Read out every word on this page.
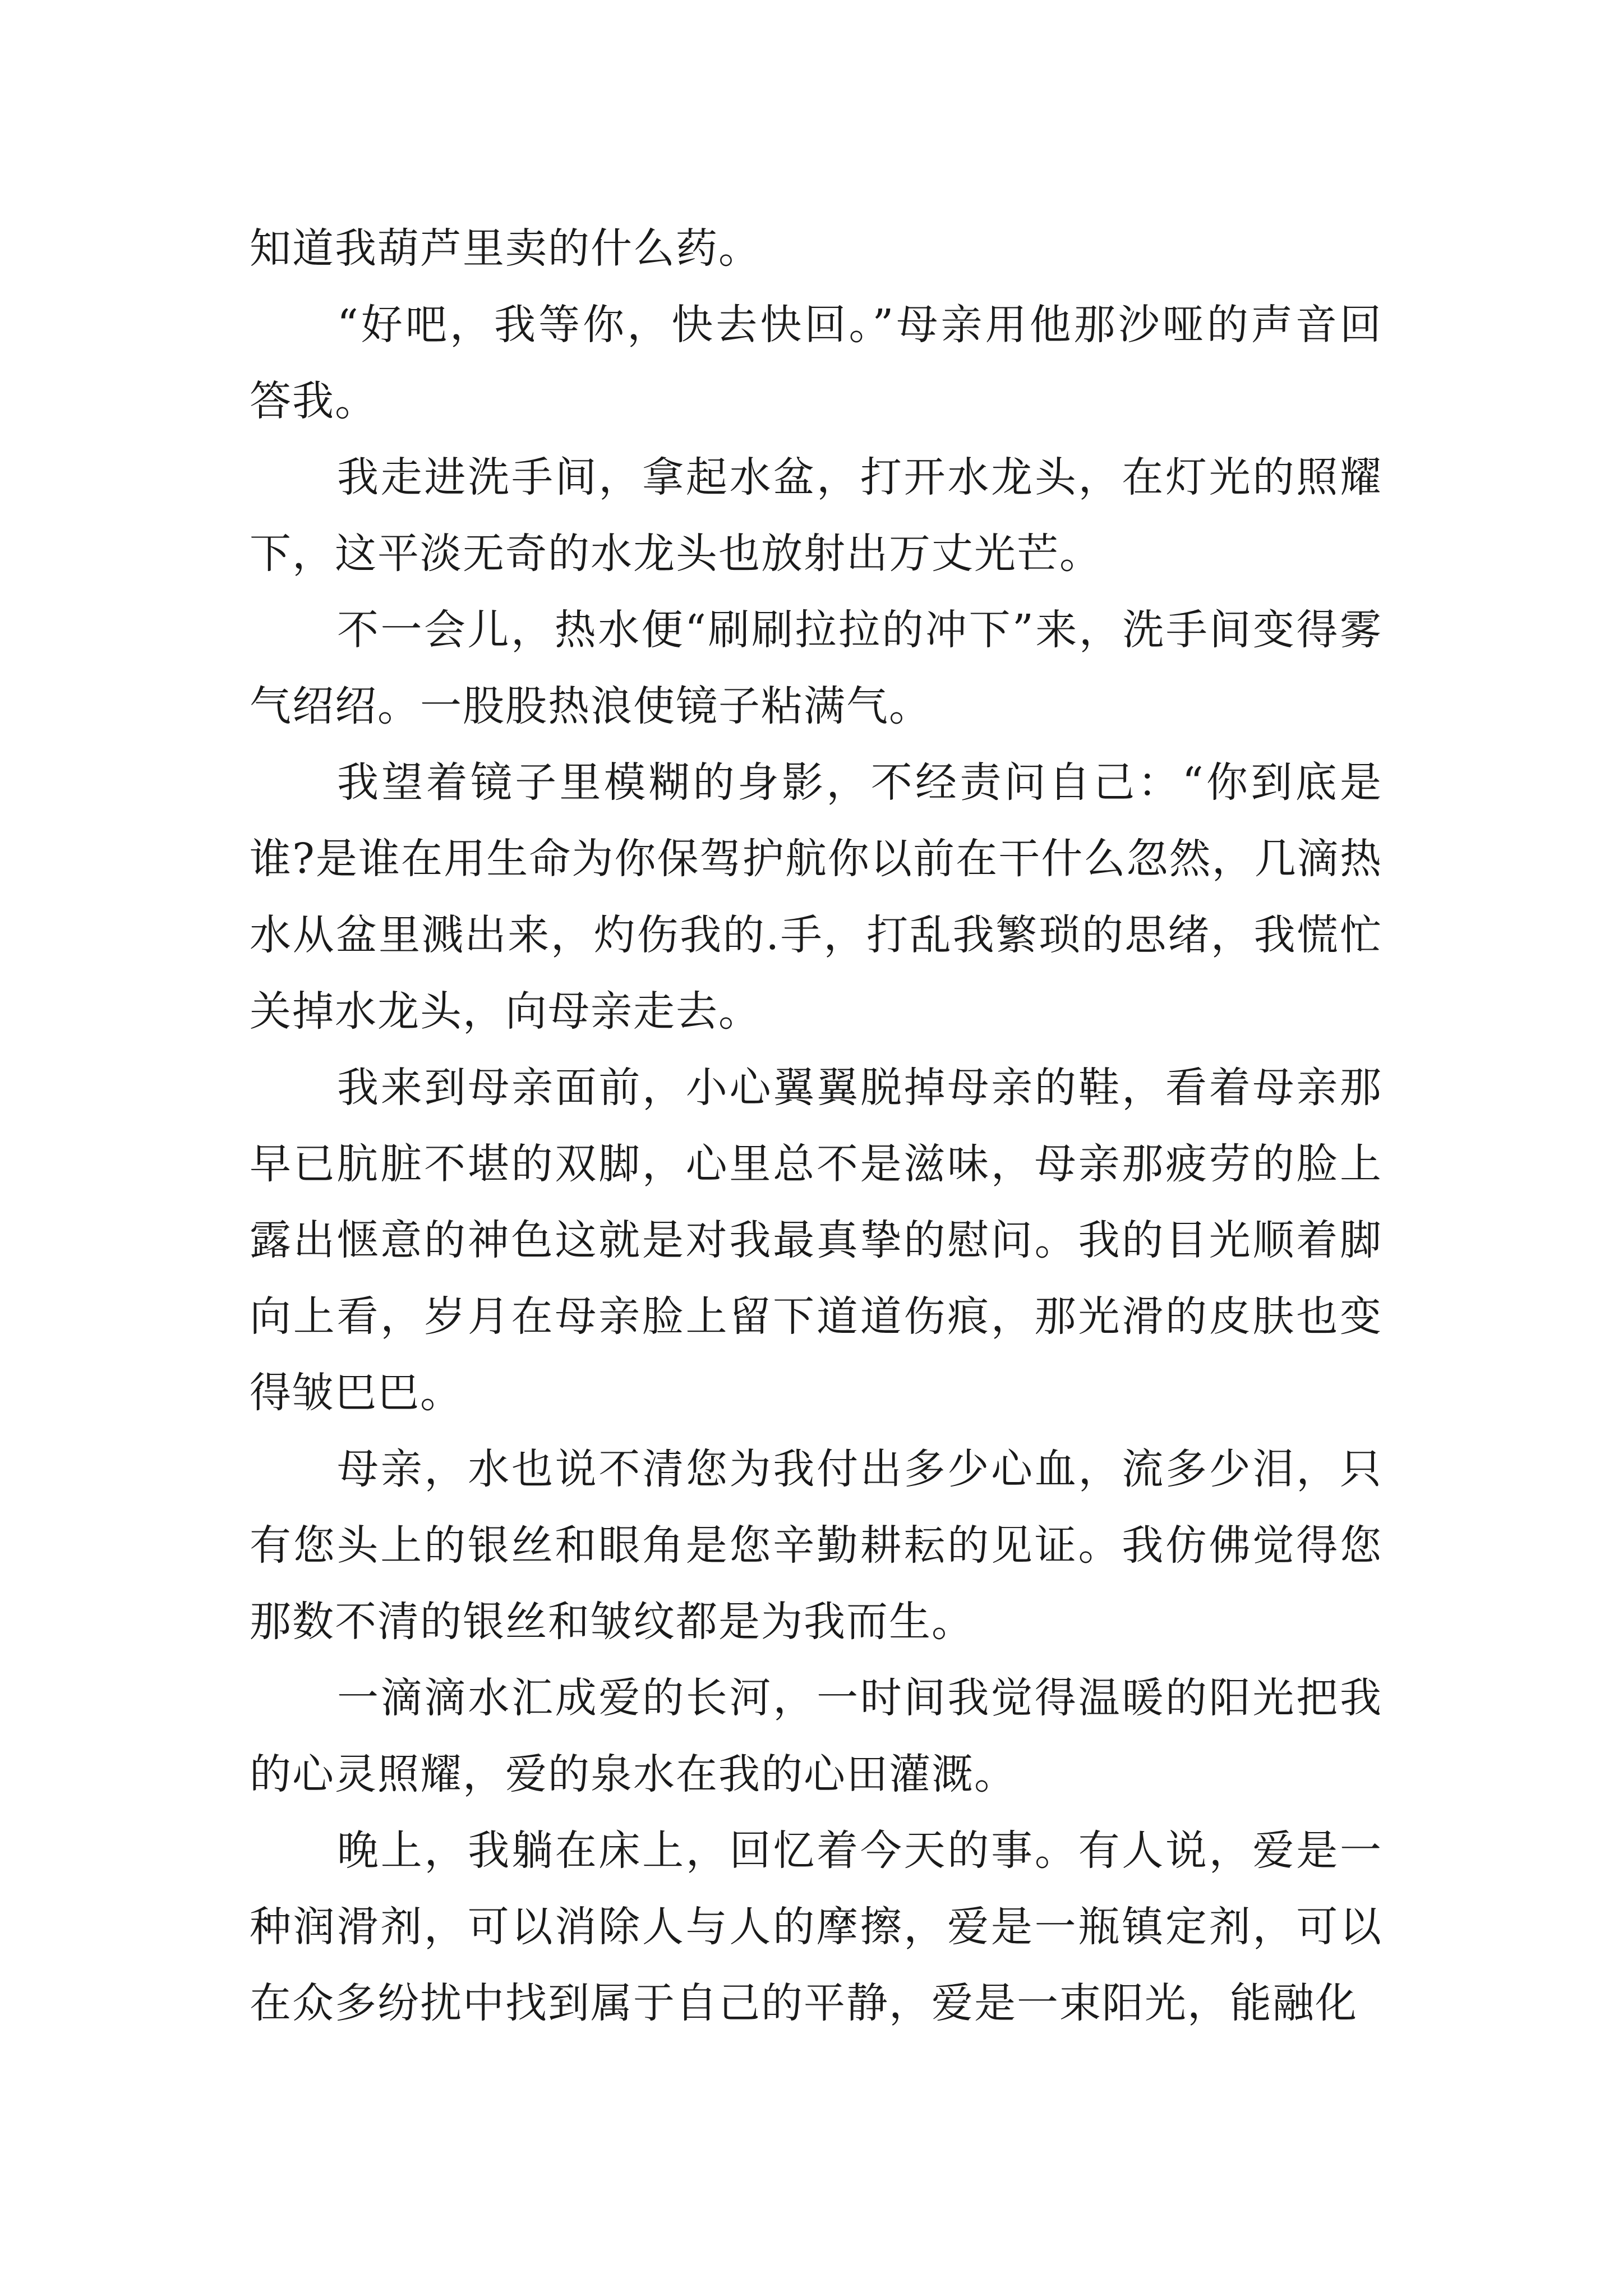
知道我葫芦里卖的什么药。

“好吧，我等你，快去快回。”母亲用他那沙哑的声音回答我。

我走进洗手间，拿起水盆，打开水龙头，在灯光的照耀下，这平淡无奇的水龙头也放射出万丈光芒。

不一会儿，热水便“刷刷拉拉的冲下”来，洗手间变得雾气绍绍。一股股热浪使镜子粘满气。

我望着镜子里模糊的身影，不经责问自己：“你到底是谁?是谁在用生命为你保驾护航你以前在干什么忽然，几滴热水从盆里溅出来，灼伤我的.手，打乱我繁琐的思绪，我慌忙关掉水龙头，向母亲走去。

我来到母亲面前，小心翼翼脱掉母亲的鞋，看着母亲那早已肮脏不堪的双脚，心里总不是滋味，母亲那疲劳的脸上露出惬意的神色这就是对我最真挚的慰问。我的目光顺着脚向上看，岁月在母亲脸上留下道道伤痕，那光滑的皮肤也变得皱巴巴。

母亲，水也说不清您为我付出多少心血，流多少泪，只有您头上的银丝和眼角是您辛勤耕耘的见证。我仿佛觉得您那数不清的银丝和皱纹都是为我而生。

一滴滴水汇成爱的长河，一时间我觉得温暖的阳光把我的心灵照耀，爱的泉水在我的心田灌溉。

晚上，我躺在床上，回忆着今天的事。有人说，爱是一种润滑剂，可以消除人与人的摩擦，爱是一瓶镇定剂，可以在众多纷扰中找到属于自己的平静，爱是一束阳光，能融化
